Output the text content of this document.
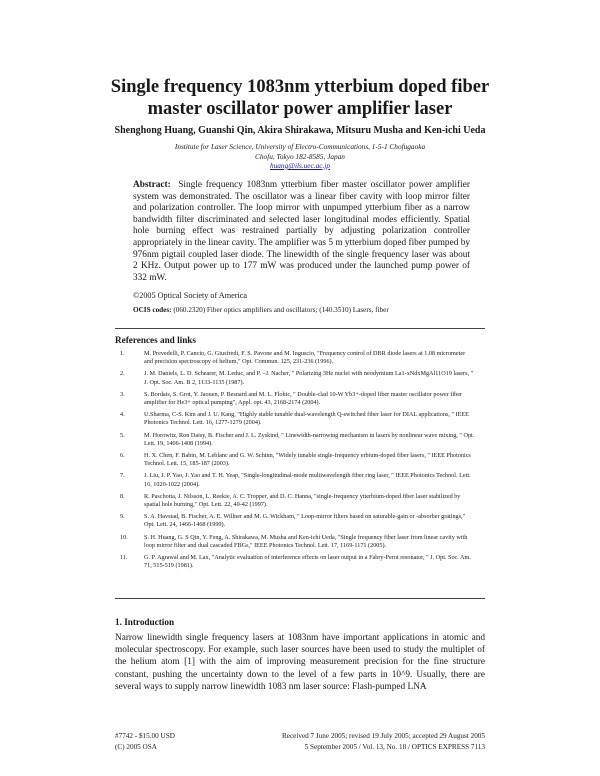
Single frequency 1083nm ytterbium doped fiber
master oscillator power amplifier laser
Shenghong Huang, Guanshi Qin, Akira Shirakawa, Mitsuru Musha and Ken-ichi Ueda
Institute for Laser Science, University of Electro-Communications, 1-5-1 Chofugaoka
Chofu, Tokyo 182-8585, Japan
huang@ils.uec.ac.jp
Abstract: Single frequency 1083nm ytterbium fiber master oscillator power amplifier system was demonstrated. The oscillator was a linear fiber cavity with loop mirror filter and polarization controller. The loop mirror with unpumped ytterbium fiber as a narrow bandwidth filter discriminated and selected laser longitudinal modes efficiently. Spatial hole burning effect was restrained partially by adjusting polarization controller appropriately in the linear cavity. The amplifier was 5 m ytterbium doped fiber pumped by 976nm pigtail coupled laser diode. The linewidth of the single frequency laser was about 2 KHz. Output power up to 177 mW was produced under the launched pump power of 332 mW.
©2005 Optical Society of America
OCIS codes: (060.2320) Fiber optics amplifiers and oscillators; (140.3510) Lasers, fiber
References and links
1.	M. Prevedelli, P. Cancio, G. Giusfredi, F. S. Pavone and M. Inguscio, "Frequency control of DBR diode lasers at 1.08 micrometer and precision spectroscopy of helium," Opt. Commun. 125, 231-236 (1996).
2.	J. M. Daniels, L. D. Schearer, M. Leduc, and P. –J. Nacher, " Polarizing 3He nuclei with neodymium La1-xNdxMgAl11O19 lasers, " J. Opt. Soc. Am. B 2, 1133-1135 (1987).
3.	S. Bordais, S. Grot, Y. Jaouen, P. Besnard and M. L. Flohic, " Double-clad 10-W Yb3+-doped fiber master oscillator power fiber amplifier for He3+ optical pumping", Appl. opt. 43, 2168-2174 (2004).
4.	U.Sharma, C-S. Kim and J. U. Kang, "Highly stable tunable dual-wavelength Q-switched fiber laser for DIAL applications, " IEEE Photonics Technol. Lett. 16, 1277-1279 (2004).
5.	M. Horowitz, Ron Daisy, B. Fischer and J. L. Zyskind, " Linewidth-narrowing mechanism in lasers by nonlinear wave mixing, " Opt. Lett. 19, 1406-1408 (1994).
6.	H. X. Chen, F. Babin, M. Leblanc and G. W. Schinn, "Widely tunable single-frequency erbium-doped fiber lasers, " IEEE Photonics Technol. Lett. 15, 185-187 (2003).
7.	J. Liu, J. P. Yao, J. Yao and T. H. Yeap, "Single-longitudinal-mode multiwavelength fiber ring laser, " IEEE Photonics Technol. Lett. 16, 1020-1022 (2004).
8.	R. Paschotta, J. Nilsson, L. Reekie, A. C. Tropper, and D. C. Hanna, "single-frequency ytterbium-doped fiber laser stabilized by spatial hole burning," Opt. Lett. 22, 40-42 (1997).
9.	S. A. Havstad, B. Fischer, A. E. Willner and M. G. Wickham, " Loop-mirror filters based on saturable-gain or -absorber gratings," Opt. Lett. 24, 1466-1468 (1999).
10.	S. H. Huang, G. S Qin, Y. Feng, A. Shirakawa, M. Musha and Ken-ichi Ueda, "Single frequency fiber laser from linear cavity with loop mirror filter and dual cascaded FBGs," IEEE Photonics Technol. Lett. 17, 1169-1171 (2005).
11.	G. P. Agrawal and M. Lax, "Analytic evaluation of interference effects on laser output in a Fabry-Perot resonator, " J. Opt. Soc. Am. 71, 515-519 (1981).
1. Introduction
Narrow linewidth single frequency lasers at 1083nm have important applications in atomic and molecular spectroscopy. For example, such laser sources have been used to study the multiplet of the helium atom [1] with the aim of improving measurement precision for the fine structure constant, pushing the uncertainty down to the level of a few parts in 10^9. Usually, there are several ways to supply narrow linewidth 1083 nm laser source: Flash-pumped LNA
#7742 - $15.00 USD
(C) 2005 OSA
Received 7 June 2005; revised 19 July 2005; accepted 29 August 2005
5 September 2005 / Vol. 13, No. 18 / OPTICS EXPRESS 7113
